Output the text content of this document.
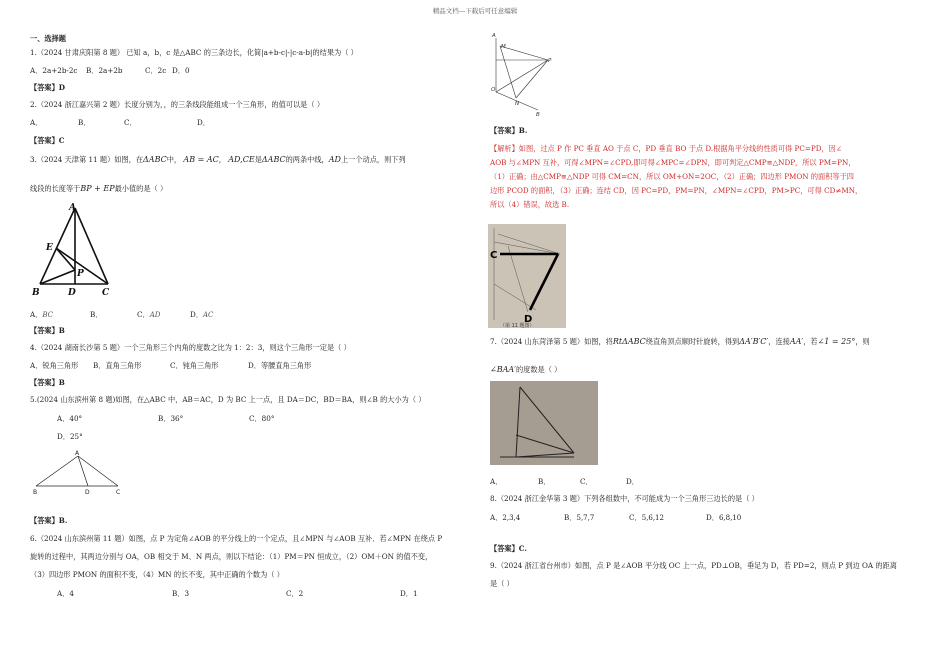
精品文档---下载后可任意编辑
一、选择题
1.（2024 甘肃庆阳第 8 题） 已知 a，b，c 是△ABC 的三条边长，化简|a+b-c|-|c-a-b|的结果为（ ）
A．2a+2b-2c B．2a+2b	C．2c D．0
【答案】D
2.（2024 浙江嘉兴第 2 题）长度分别为，，的三条线段能组成一个三角形，的值可以是（ ）
A．	B．	C．	D．
【答案】C
3.（2024 天津第 11 题）如图，在ΔABC中， AB = AC， AD,CE是ΔABC的两条中线，AD上一个动点，则下列
线段的长度等于BP + EP最小值的是（ ）
A
E
P
B	D	C
A．BC	B．	C．AD	D．AC
【答案】B
4.（2024 湖南长沙第 5 题）一个三角形三个内角的度数之比为 1：2：3，则这个三角形一定是（ ）
A．锐角三角形 B．直角三角形	C．钝角三角形	D．等腰直角三角形
【答案】B
5.(2024 山东滨州第 8 题)如图，在△ABC 中，AB＝AC，D 为 BC 上一点，且 DA＝DC，BD＝BA，则∠B 的大小为（ ）
A．40°	B．36°	C．80°
D．25°
A
B	D	C
【答案】B.
6.（2024 山东滨州第 11 题）如图，点 P 为定角∠AOB 的平分线上的一个定点，且∠MPN 与∠AOB 互补．若∠MPN 在绕点 P
旋转的过程中，其两边分别与 OA，OB 相交于 M、N 两点，则以下结论：（1）PM＝PN 恒成立，（2）OM＋ON 的值不变，
（3）四边形 PMON 的面积不变，（4）MN 的长不变，其中正确的个数为（ ）
A．4	B．3	C．2	D．1
A
M
P
O
N
B
【答案】B.
【解析】如图，过点 P 作 PC 垂直 AO 于点 C，PD 垂直 BO 于点 D.根据角平分线的性质可得 PC=PD，因∠
AOB 与∠MPN 互补，可得∠MPN=∠CPD,即可得∠MPC=∠DPN，即可判定△CMP≌△NDP，所以 PM=PN，
（1）正确；由△CMP≌△NDP 可得 CM=CN，所以 OM+ON=2OC，（2）正确；四边形 PMON 的面积等于四
边形 PCOD 的面积，（3）正确；连结 CD，因 PC=PD，PM=PN，∠MPN=∠CPD，PM>PC，可得 CD≠MN，
所以（4）错误，故选 B.
C
D
（第 11 题图）
7.（2024 山东菏泽第 5 题）如图，将RtΔABC绕直角顶点顺时针旋转，得到ΔA′B′C′，连接AA′，若∠1 = 25°，则
∠BAA′的度数是（ ）
A．	B．	C．	D．
8.（2024 浙江金华第 3 题）下列各组数中，不可能成为一个三角形三边长的是（ ）
A．2,3,4	B．5,7,7	C．5,6,12	D．6,8,10
【答案】C.
9.（2024 浙江省台州市）如图，点 P 是∠AOB 平分线 OC 上一点，PD⊥OB，垂足为 D，若 PD=2，则点 P 到边 OA 的距离
是（ ）
